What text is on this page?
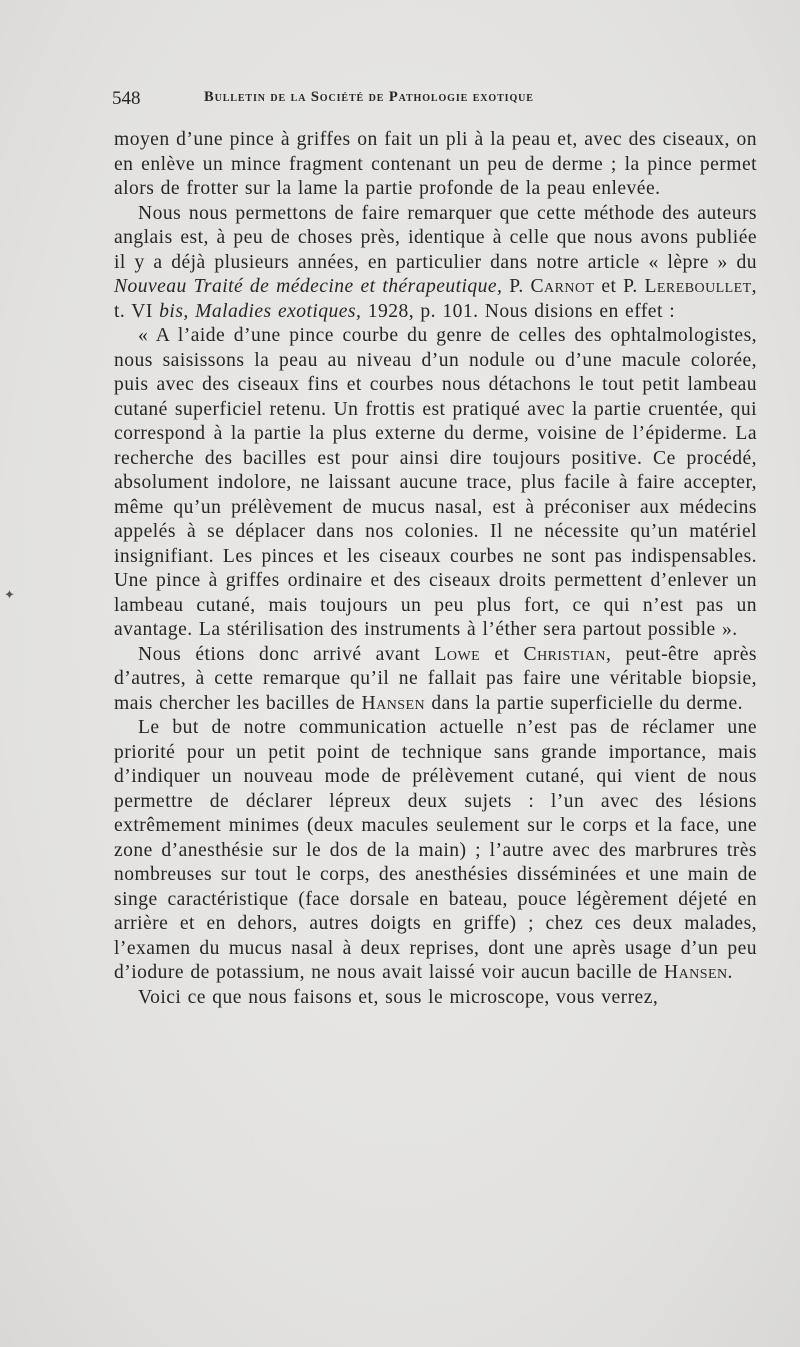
548	Bulletin de la Société de Pathologie exotique
✦

moyen d’une pince à griffes on fait un pli à la peau et, avec des ciseaux, on en enlève un mince fragment contenant un peu de derme ; la pince permet alors de frotter sur la lame la partie profonde de la peau enlevée.

Nous nous permettons de faire remarquer que cette méthode des auteurs anglais est, à peu de choses près, identique à celle que nous avons publiée il y a déjà plusieurs années, en particulier dans notre article « lèpre » du Nouveau Traité de médecine et thérapeutique, P. Carnot et P. Lereboullet, t. VI bis, Maladies exotiques, 1928, p. 101. Nous disions en effet :

« A l’aide d’une pince courbe du genre de celles des ophtalmologistes, nous saisissons la peau au niveau d’un nodule ou d’une macule colorée, puis avec des ciseaux fins et courbes nous détachons le tout petit lambeau cutané superficiel retenu. Un frottis est pratiqué avec la partie cruentée, qui correspond à la partie la plus externe du derme, voisine de l’épiderme. La recherche des bacilles est pour ainsi dire toujours positive. Ce procédé, absolument indolore, ne laissant aucune trace, plus facile à faire accepter, même qu’un prélèvement de mucus nasal, est à préconiser aux médecins appelés à se déplacer dans nos colonies. Il ne nécessite qu’un matériel insignifiant. Les pinces et les ciseaux courbes ne sont pas indispensables. Une pince à griffes ordinaire et des ciseaux droits permettent d’enlever un lambeau cutané, mais toujours un peu plus fort, ce qui n’est pas un avantage. La stérilisation des instruments à l’éther sera partout possible ».

Nous étions donc arrivé avant Lowe et Christian, peut-être après d’autres, à cette remarque qu’il ne fallait pas faire une véritable biopsie, mais chercher les bacilles de Hansen dans la partie superficielle du derme.

Le but de notre communication actuelle n’est pas de réclamer une priorité pour un petit point de technique sans grande importance, mais d’indiquer un nouveau mode de prélèvement cutané, qui vient de nous permettre de déclarer lépreux deux sujets : l’un avec des lésions extrêmement minimes (deux macules seulement sur le corps et la face, une zone d’anesthésie sur le dos de la main) ; l’autre avec des marbrures très nombreuses sur tout le corps, des anesthésies disséminées et une main de singe caractéristique (face dorsale en bateau, pouce légèrement déjeté en arrière et en dehors, autres doigts en griffe) ; chez ces deux malades, l’examen du mucus nasal à deux reprises, dont une après usage d’un peu d’iodure de potassium, ne nous avait laissé voir aucun bacille de Hansen.

Voici ce que nous faisons et, sous le microscope, vous verrez,
